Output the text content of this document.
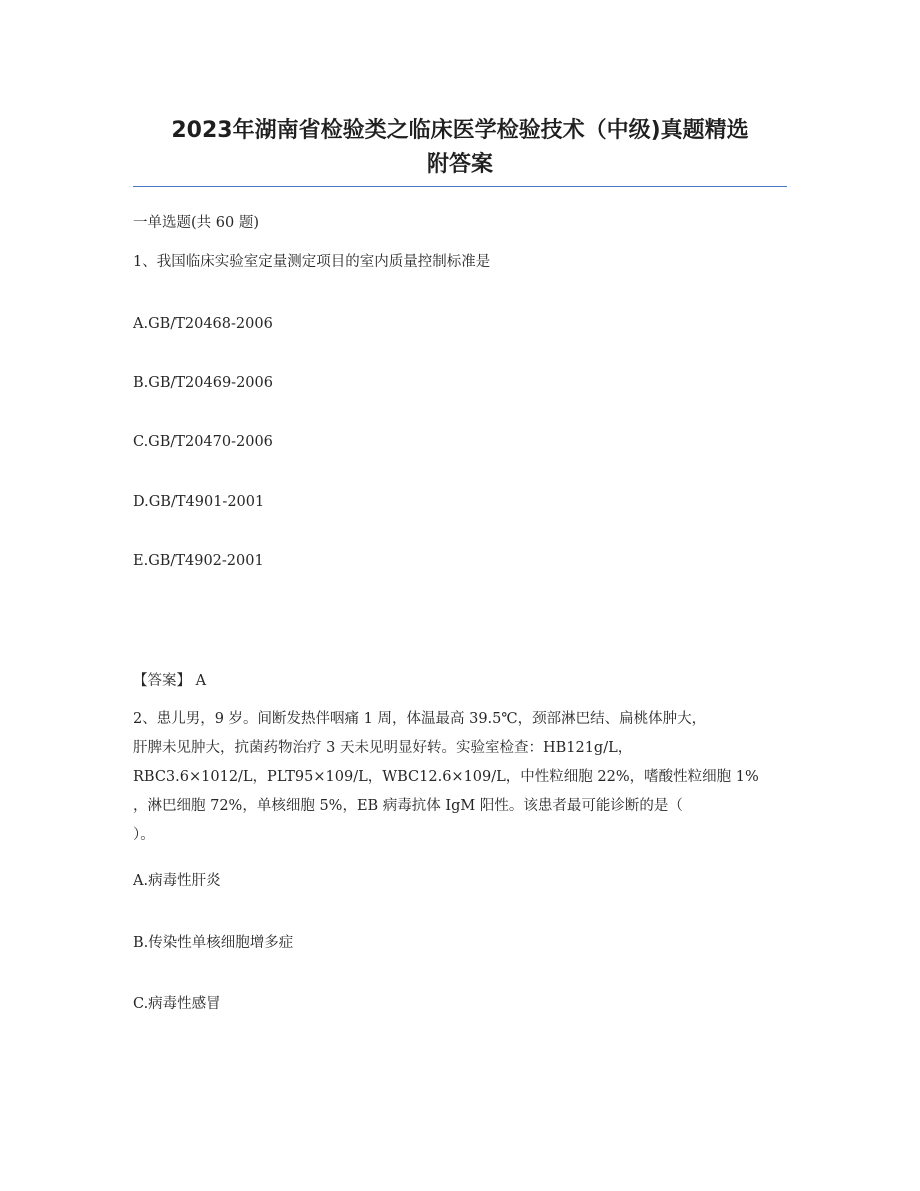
2023年湖南省检验类之临床医学检验技术（中级)真题精选
附答案
一单选题(共 60 题)
1、我国临床实验室定量测定项目的室内质量控制标准是
A.GB/T20468-2006
B.GB/T20469-2006
C.GB/T20470-2006
D.GB/T4901-2001
E.GB/T4902-2001
【答案】 A
2、患儿男，9 岁。间断发热伴咽痛 1 周，体温最高 39.5℃，颈部淋巴结、扁桃体肿大，
肝脾未见肿大，抗菌药物治疗 3 天未见明显好转。实验室检查：HB121g/L，
RBC3.6×1012/L，PLT95×109/L，WBC12.6×109/L，中性粒细胞 22%，嗜酸性粒细胞 1%
，淋巴细胞 72%，单核细胞 5%，EB 病毒抗体 IgM 阳性。该患者最可能诊断的是（
）。
A.病毒性肝炎
B.传染性单核细胞增多症
C.病毒性感冒
